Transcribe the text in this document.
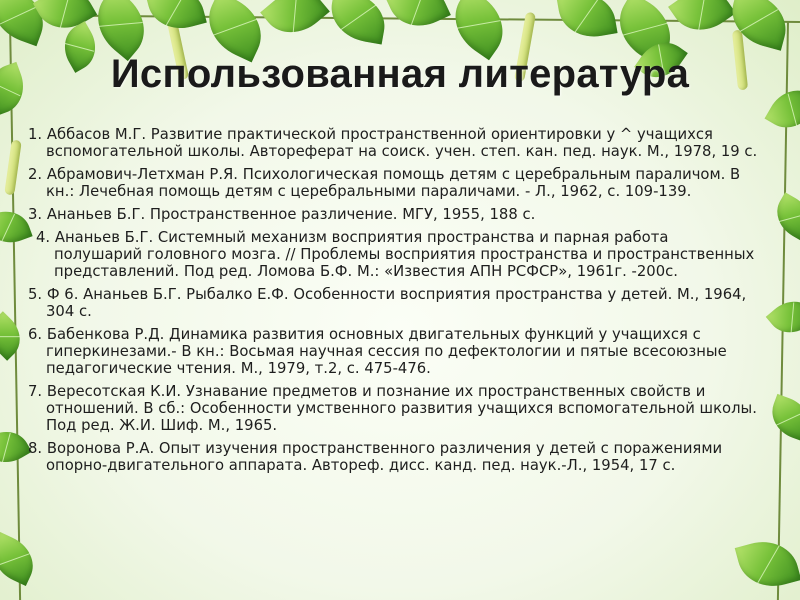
Использованная литература
1. Аббасов М.Г. Развитие практической пространственной ориентировки у ^ учащихся вспомогательной школы. Автореферат на соиск. учен. степ. кан. пед. наук. М., 1978, 19 с.
2. Абрамович-Летхман Р.Я. Психологическая помощь детям с церебральным параличом. В кн.: Лечебная помощь детям с церебральными параличами. - Л., 1962, с. 109-139.
3. Ананьев Б.Г. Пространственное различение. МГУ, 1955, 188 с.
4. Ананьев Б.Г. Системный механизм восприятия пространства и парная работа полушарий головного мозга. // Проблемы восприятия пространства и пространственных представлений. Под ред. Ломова Б.Ф. М.: «Известия АПН РСФСР», 1961г. -200с.
5. Ф 6. Ананьев Б.Г. Рыбалко Е.Ф. Особенности восприятия пространства у детей. М., 1964, 304 с.
6. Бабенкова Р.Д. Динамика развития основных двигательных функций у учащихся с гиперкинезами.- В кн.: Восьмая научная сессия по дефектологии и пятые всесоюзные педагогические чтения. М., 1979, т.2, с. 475-476.
7. Вересотская К.И. Узнавание предметов и познание их пространственных свойств и отношений. В сб.: Особенности умственного развития учащихся вспомогательной школы. Под ред. Ж.И. Шиф. М., 1965.
8. Воронова Р.А. Опыт изучения пространственного различения у детей с поражениями опорно-двигательного аппарата. Автореф. дисс. канд. пед. наук.-Л., 1954, 17 с.
